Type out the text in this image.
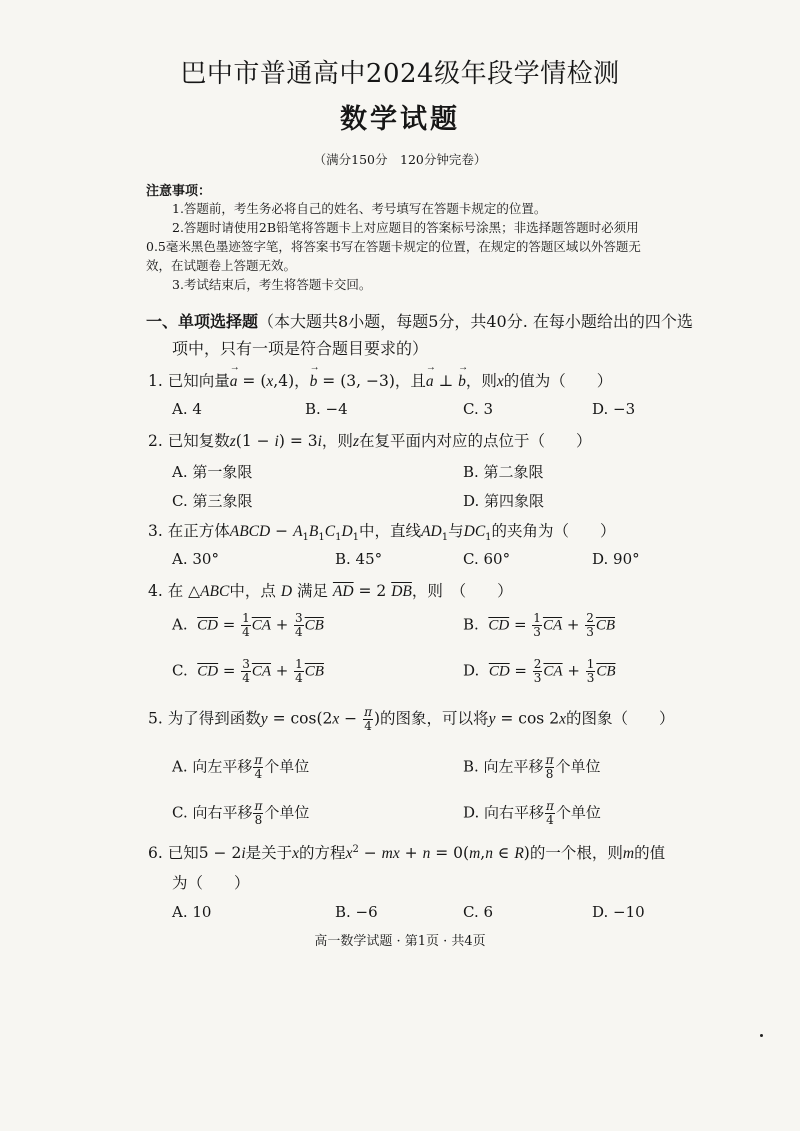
巴中市普通高中2024级年段学情检测
数学试题
（满分150分　120分钟完卷）
注意事项：
1.答题前，考生务必将自己的姓名、考号填写在答题卡规定的位置。
2.答题时请使用2B铅笔将答题卡上对应题目的答案标号涂黑；非选择题答题时必须用
0.5毫米黑色墨迹签字笔，将答案书写在答题卡规定的位置，在规定的答题区域以外答题无
效，在试题卷上答题无效。
3.考试结束后，考生将答题卡交回。
一、单项选择题（本大题共8小题，每题5分，共40分. 在每小题给出的四个选
项中，只有一项是符合题目要求的）
1. 已知向量→ a = (x,4)，→ b = (3, −3)，且→ a ⊥ → b，则x的值为（　　）
A. 4	B. −4	C. 3	D. −3
2. 已知复数z(1 − i) = 3i，则z在复平面内对应的点位于（　　）
A. 第一象限	B. 第二象限
C. 第三象限	D. 第四象限
3. 在正方体ABCD − $A_1B_1C_1D_1$中，直线$AD_1$与$DC_1$的夹角为（　　）
A. 30°	B. 45°	C. 60°	D. 90°
4. 在 △ABC中，点 D 满足 $\overline{AD} = 2$ $\overline{DB}$，则　（　　）
A. $\overline{CD} = \frac{1}{4} \overline{CA} + \frac{3}{4} \overline{CB}$	B. $\overline{CD} = \frac{1}{3} \overline{CA} + \frac{2}{3} \overline{CB}$
C. $\overline{CD} = \frac{3}{4} \overline{CA} + \frac{1}{4} \overline{CB}$	D. $\overline{CD} = \frac{2}{3} \overline{CA} + \frac{1}{3} \overline{CB}$
5. 为了得到函数$y = \cos(2x - \frac{\pi}{4}$ )的图象，可以将y = cos 2x的图象（　　）
A. 向左平移 $\frac{\pi}{4}$ 个单位	B. 向左平移 $\frac{\pi}{8}$ 个单位
C. 向右平移 $\frac{\pi}{8}$ 个单位	D. 向右平移 $\frac{\pi}{4}$ 个单位
6. 已知5 − 2i是关于x的方程$x^2$ − mx + n = 0(m,n ∈ R)的一个根，则m的值
为（　　）
A. 10	B. −6	C. 6	D. −10
高一数学试题 · 第1页 · 共4页
